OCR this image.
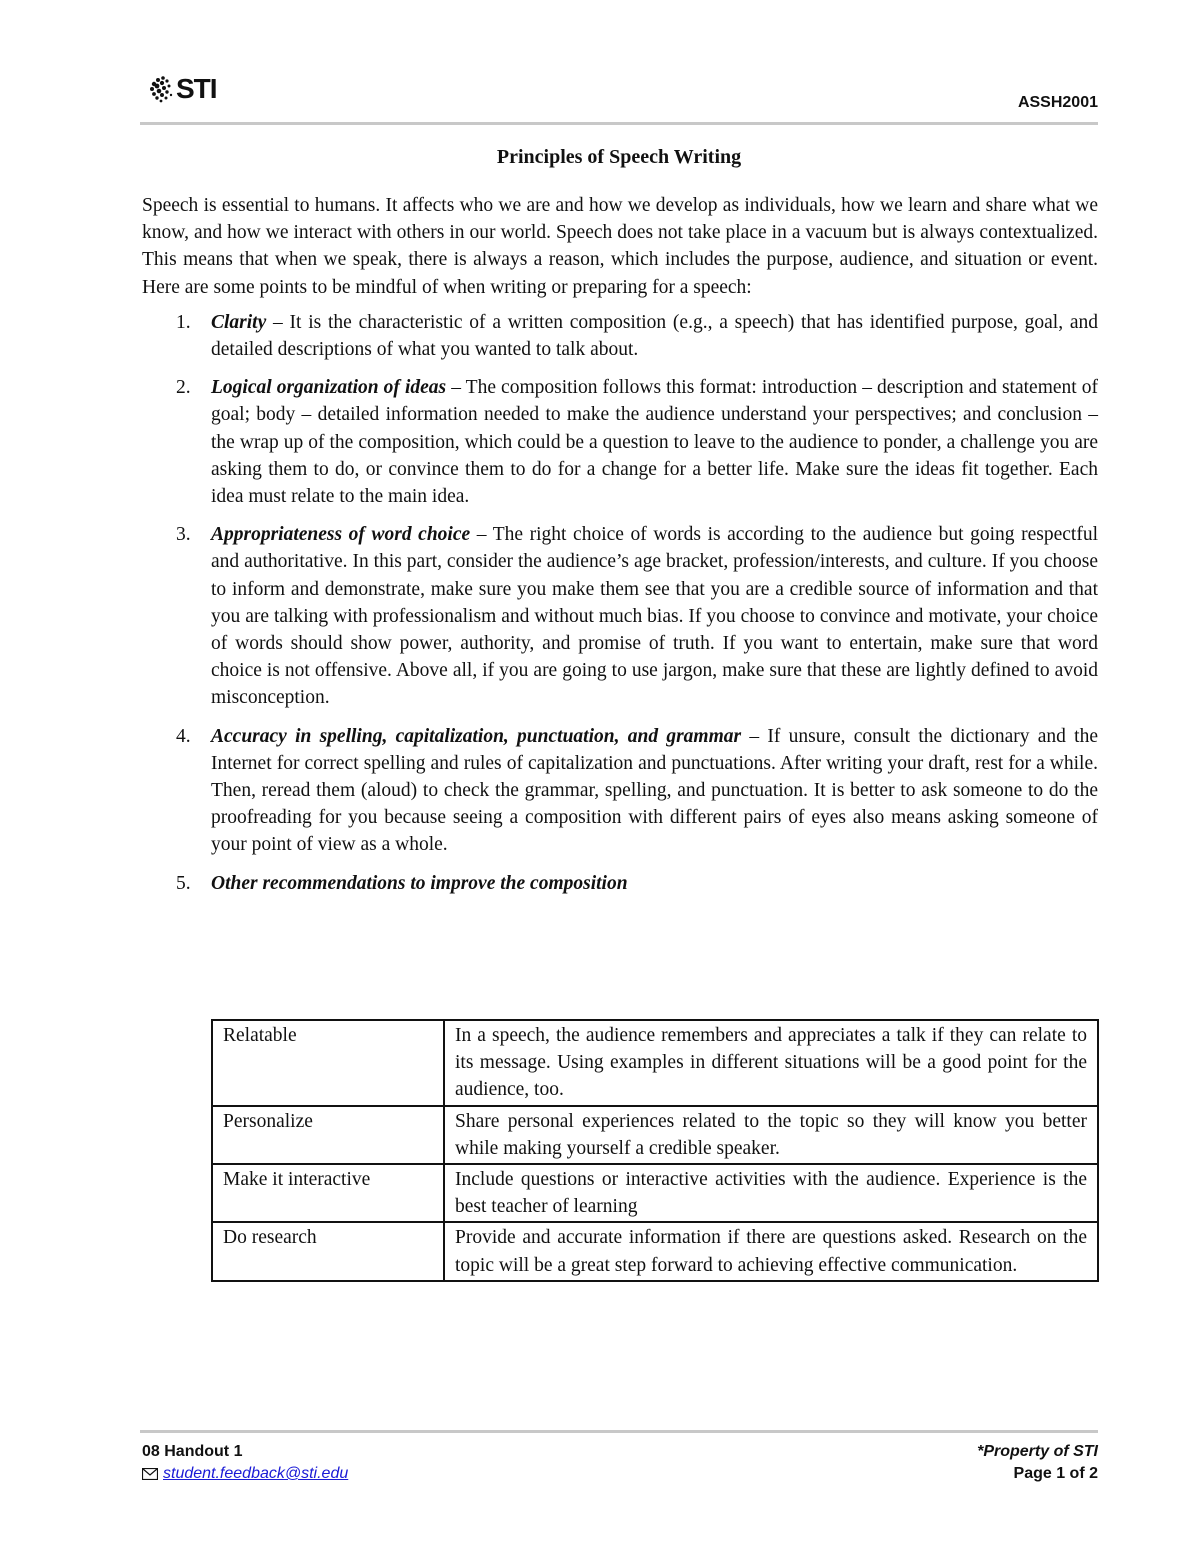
STI	ASSH2001
Principles of Speech Writing

Speech is essential to humans. It affects who we are and how we develop as individuals, how we learn and share what we know, and how we interact with others in our world. Speech does not take place in a vacuum but is always contextualized. This means that when we speak, there is always a reason, which includes the purpose, audience, and situation or event. Here are some points to be mindful of when writing or preparing for a speech:

1. Clarity – It is the characteristic of a written composition (e.g., a speech) that has identified purpose, goal, and detailed descriptions of what you wanted to talk about.
2. Logical organization of ideas – The composition follows this format: introduction – description and statement of goal; body – detailed information needed to make the audience understand your perspectives; and conclusion – the wrap up of the composition, which could be a question to leave to the audience to ponder, a challenge you are asking them to do, or convince them to do for a change for a better life. Make sure the ideas fit together. Each idea must relate to the main idea.
3. Appropriateness of word choice – The right choice of words is according to the audience but going respectful and authoritative. In this part, consider the audience’s age bracket, profession/interests, and culture. If you choose to inform and demonstrate, make sure you make them see that you are a credible source of information and that you are talking with professionalism and without much bias. If you choose to convince and motivate, your choice of words should show power, authority, and promise of truth. If you want to entertain, make sure that word choice is not offensive. Above all, if you are going to use jargon, make sure that these are lightly defined to avoid misconception.
4. Accuracy in spelling, capitalization, punctuation, and grammar – If unsure, consult the dictionary and the Internet for correct spelling and rules of capitalization and punctuations. After writing your draft, rest for a while. Then, reread them (aloud) to check the grammar, spelling, and punctuation. It is better to ask someone to do the proofreading for you because seeing a composition with different pairs of eyes also means asking someone of your point of view as a whole.
5. Other recommendations to improve the composition
Relatable	In a speech, the audience remembers and appreciates a talk if they can relate to its message. Using examples in different situations will be a good point for the audience, too.
Personalize	Share personal experiences related to the topic so they will know you better while making yourself a credible speaker.
Make it interactive	Include questions or interactive activities with the audience. Experience is the best teacher of learning
Do research	Provide and accurate information if there are questions asked. Research on the topic will be a great step forward to achieving effective communication.
08 Handout 1
student.feedback@sti.edu
*Property of STI
Page 1 of 2
